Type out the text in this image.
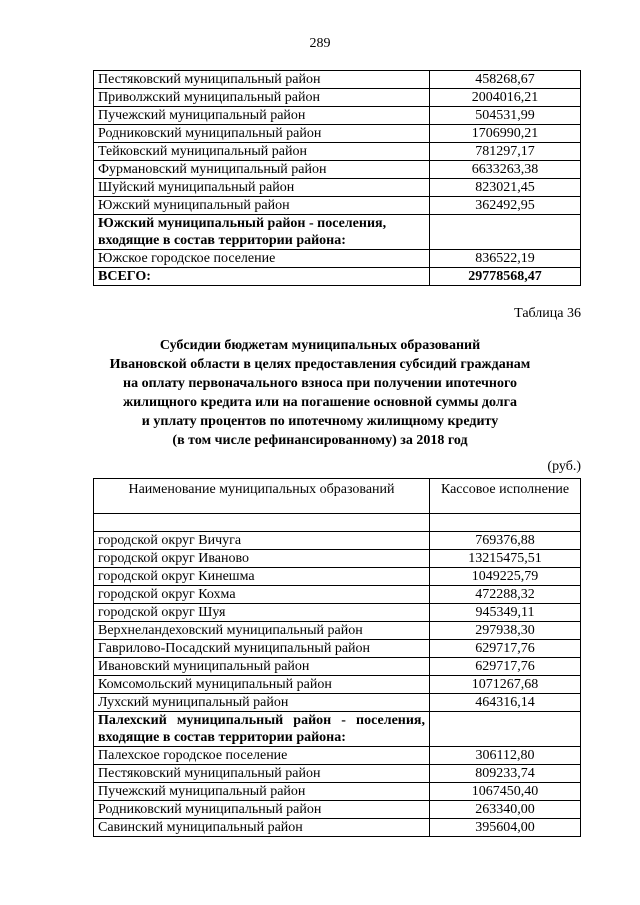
289
Пестяковский муниципальный район	458268,67
Приволжский муниципальный район	2004016,21
Пучежский муниципальный район	504531,99
Родниковский муниципальный район	1706990,21
Тейковский муниципальный район	781297,17
Фурмановский муниципальный район	6633263,38
Шуйский муниципальный район	823021,45
Южский муниципальный район	362492,95
Южский муниципальный район - поселения, входящие в состав территории района:	
Южское городское поселение	836522,19
ВСЕГО:	29778568,47
Таблица 36
Субсидии бюджетам муниципальных образований
Ивановской области в целях предоставления субсидий гражданам
на оплату первоначального взноса при получении ипотечного
жилищного кредита или на погашение основной суммы долга
и уплату процентов по ипотечному жилищному кредиту
(в том числе рефинансированному) за 2018 год
(руб.)
Наименование муниципальных образований	Кассовое исполнение

городской округ Вичуга	769376,88
городской округ Иваново	13215475,51
городской округ Кинешма	1049225,79
городской округ Кохма	472288,32
городской округ Шуя	945349,11
Верхнеландеховский муниципальный район	297938,30
Гаврилово-Посадский муниципальный район	629717,76
Ивановский муниципальный район	629717,76
Комсомольский муниципальный район	1071267,68
Лухский муниципальный район	464316,14
Палехский муниципальный район - поселения, входящие в состав территории района:	
Палехское городское поселение	306112,80
Пестяковский муниципальный район	809233,74
Пучежский муниципальный район	1067450,40
Родниковский муниципальный район	263340,00
Савинский муниципальный район	395604,00
